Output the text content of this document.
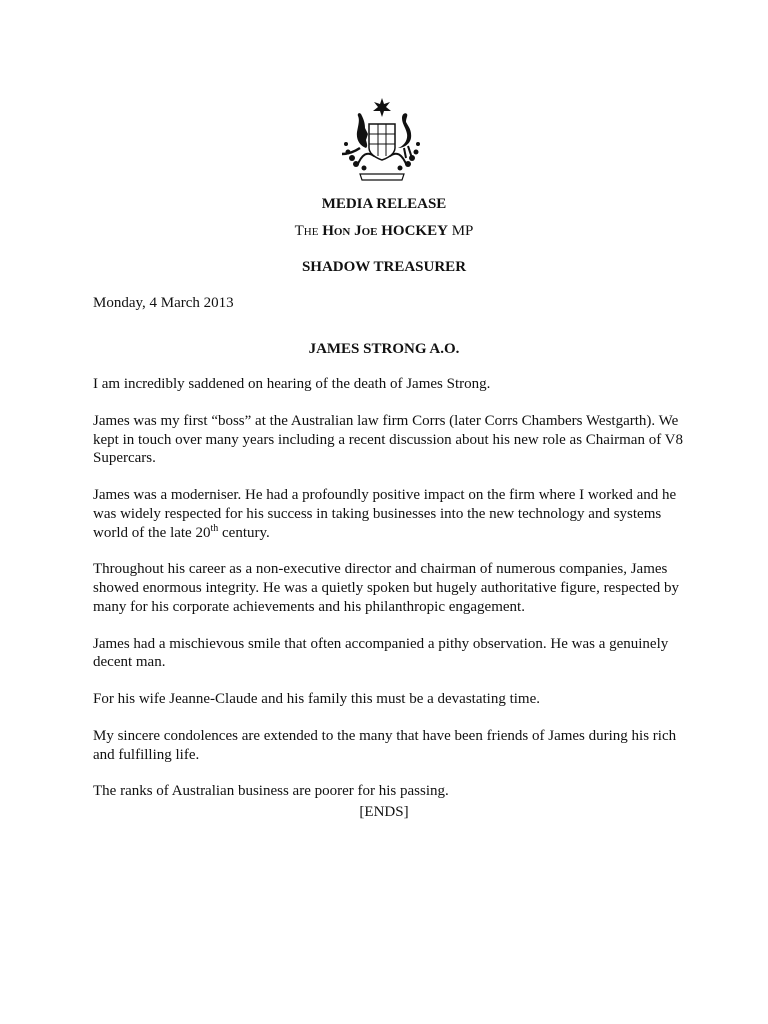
MEDIA RELEASE
THE HON JOE HOCKEY MP
SHADOW TREASURER
Monday, 4 March 2013
JAMES STRONG A.O.

I am incredibly saddened on hearing of the death of James Strong.

James was my first “boss” at the Australian law firm Corrs (later Corrs Chambers Westgarth). We kept in touch over many years including a recent discussion about his new role as Chairman of V8 Supercars.

James was a moderniser. He had a profoundly positive impact on the firm where I worked and he was widely respected for his success in taking businesses into the new technology and systems world of the late 20th century.

Throughout his career as a non-executive director and chairman of numerous companies, James showed enormous integrity. He was a quietly spoken but hugely authoritative figure, respected by many for his corporate achievements and his philanthropic engagement.

James had a mischievous smile that often accompanied a pithy observation. He was a genuinely decent man.

For his wife Jeanne-Claude and his family this must be a devastating time.

My sincere condolences are extended to the many that have been friends of James during his rich and fulfilling life.

The ranks of Australian business are poorer for his passing.

[ENDS]
